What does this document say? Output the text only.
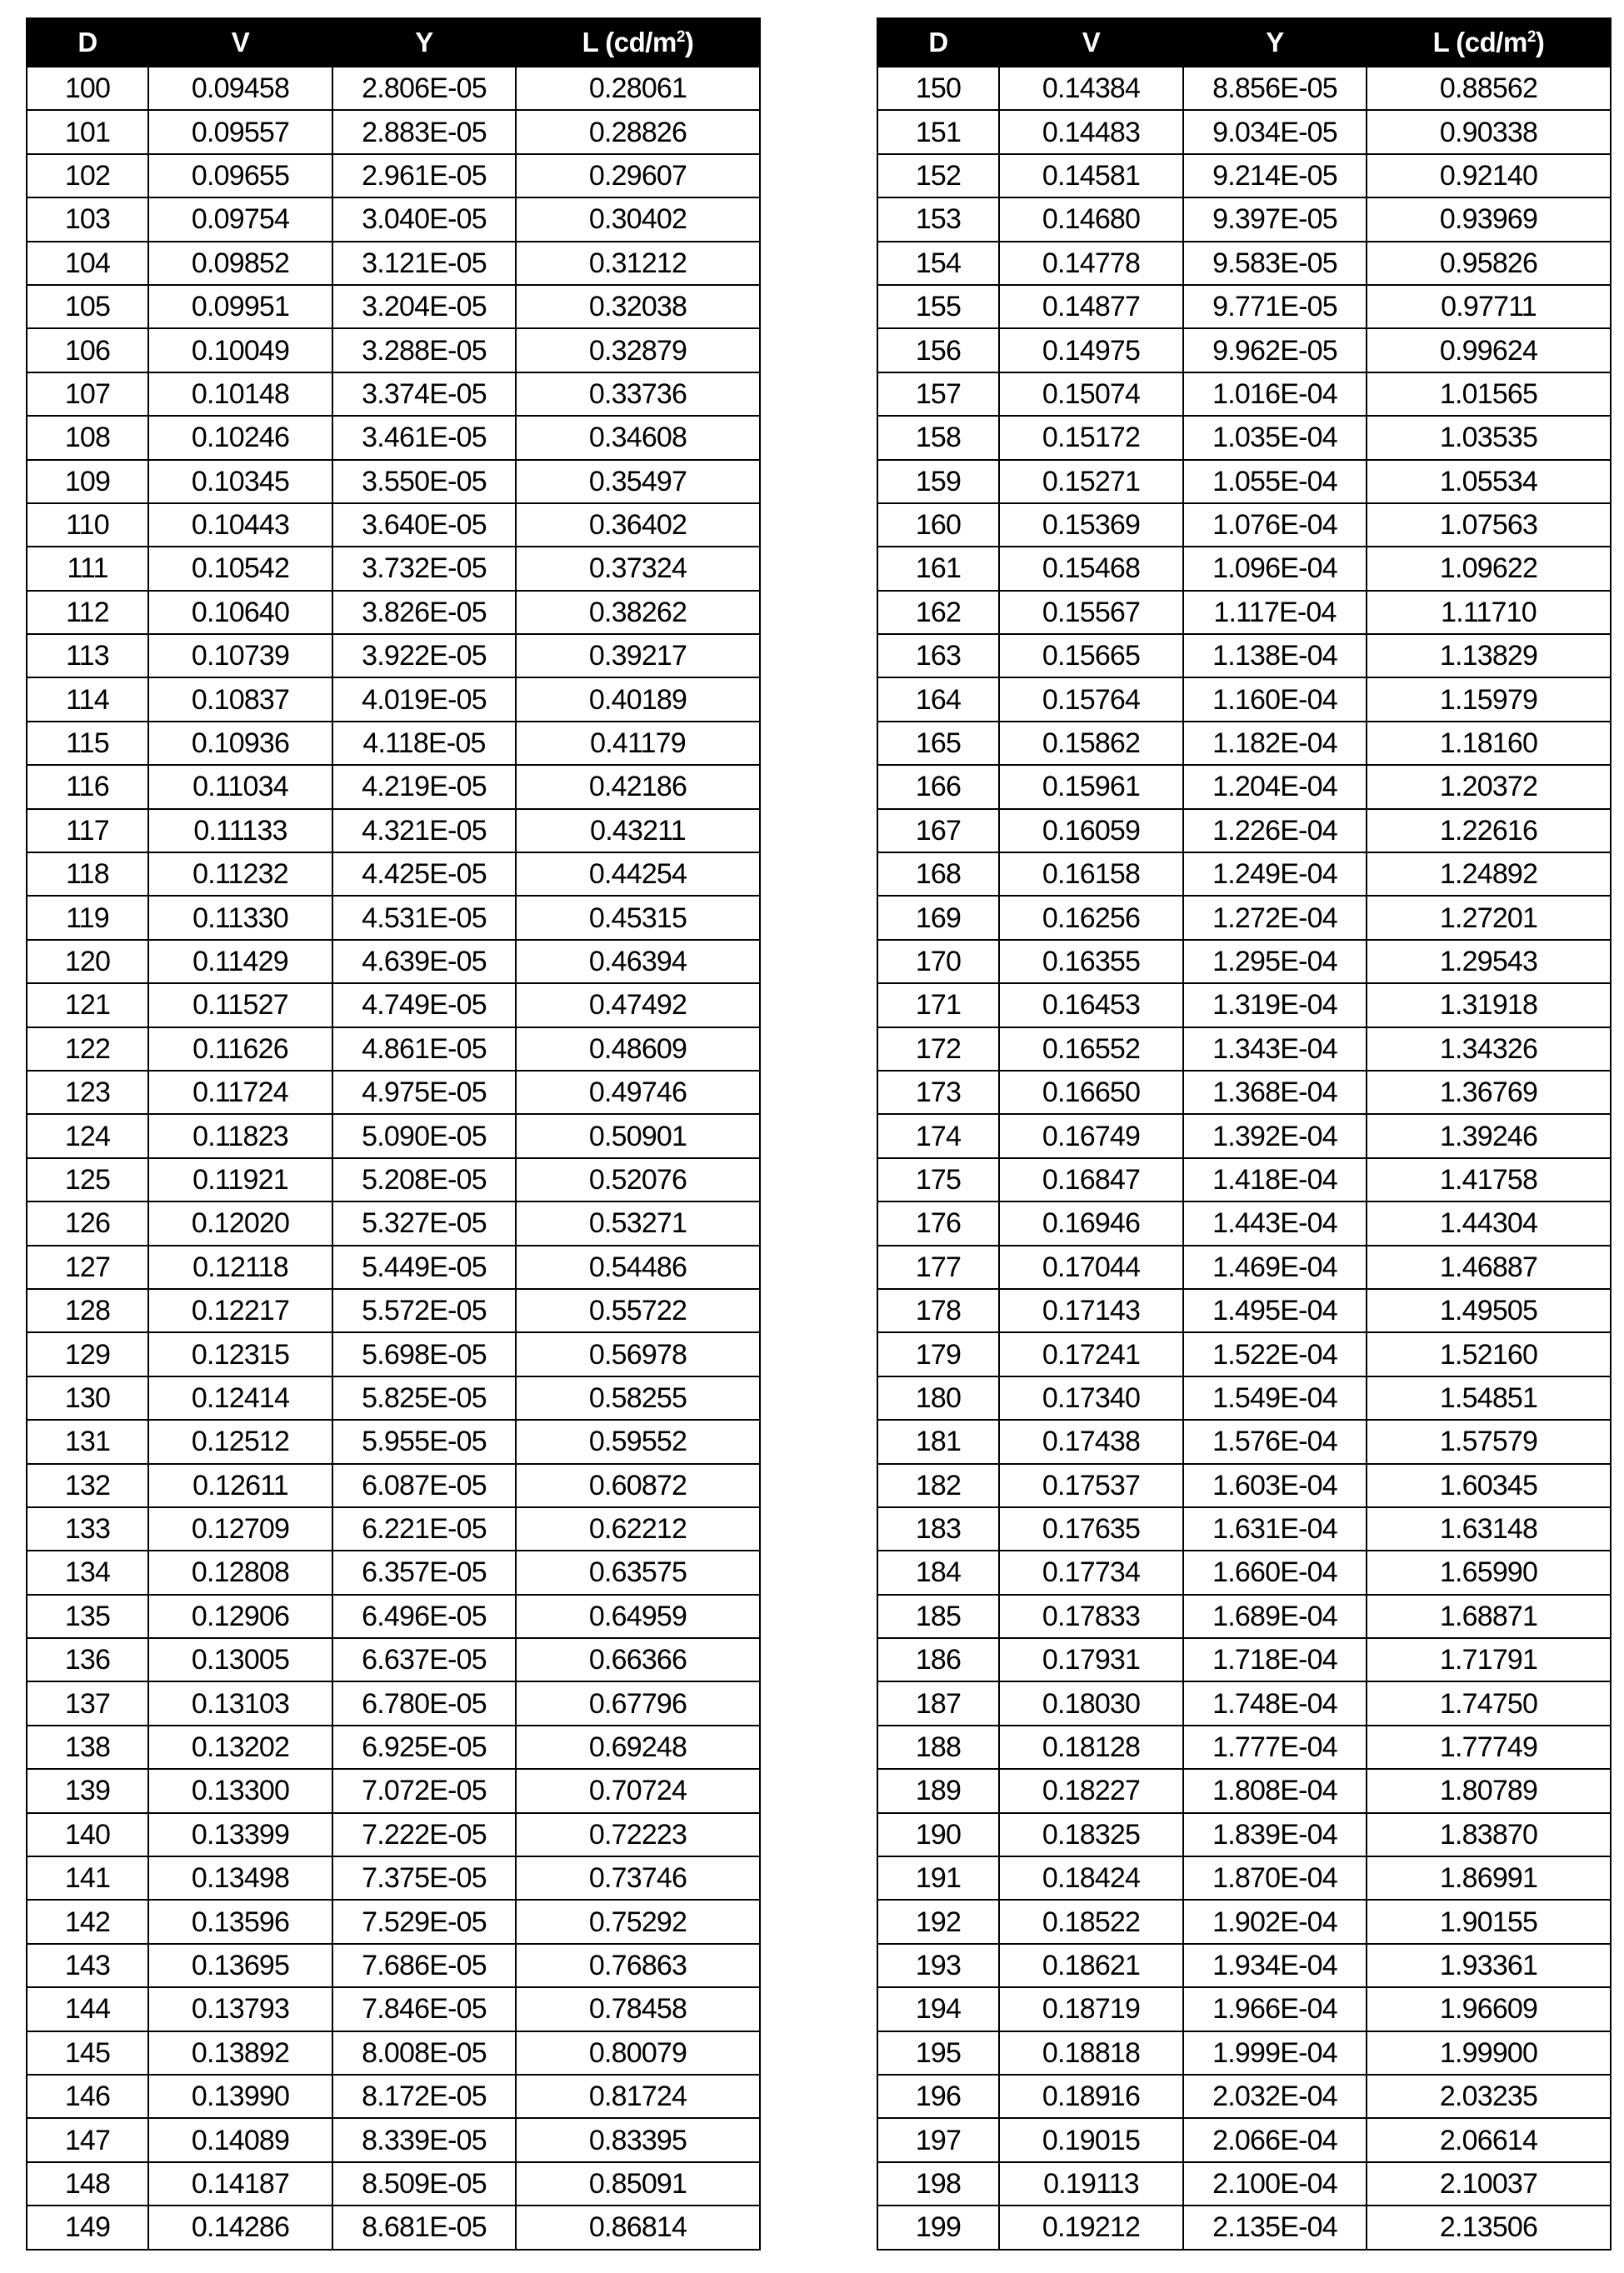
D	V	Y	L $(cd/m^2)$
100	0.09458	2.806E-05	0.28061
101	0.09557	2.883E-05	0.28826
102	0.09655	2.961E-05	0.29607
103	0.09754	3.040E-05	0.30402
104	0.09852	3.121E-05	0.31212
105	0.09951	3.204E-05	0.32038
106	0.10049	3.288E-05	0.32879
107	0.10148	3.374E-05	0.33736
108	0.10246	3.461E-05	0.34608
109	0.10345	3.550E-05	0.35497
110	0.10443	3.640E-05	0.36402
111	0.10542	3.732E-05	0.37324
112	0.10640	3.826E-05	0.38262
113	0.10739	3.922E-05	0.39217
114	0.10837	4.019E-05	0.40189
115	0.10936	4.118E-05	0.41179
116	0.11034	4.219E-05	0.42186
117	0.11133	4.321E-05	0.43211
118	0.11232	4.425E-05	0.44254
119	0.11330	4.531E-05	0.45315
120	0.11429	4.639E-05	0.46394
121	0.11527	4.749E-05	0.47492
122	0.11626	4.861E-05	0.48609
123	0.11724	4.975E-05	0.49746
124	0.11823	5.090E-05	0.50901
125	0.11921	5.208E-05	0.52076
126	0.12020	5.327E-05	0.53271
127	0.12118	5.449E-05	0.54486
128	0.12217	5.572E-05	0.55722
129	0.12315	5.698E-05	0.56978
130	0.12414	5.825E-05	0.58255
131	0.12512	5.955E-05	0.59552
132	0.12611	6.087E-05	0.60872
133	0.12709	6.221E-05	0.62212
134	0.12808	6.357E-05	0.63575
135	0.12906	6.496E-05	0.64959
136	0.13005	6.637E-05	0.66366
137	0.13103	6.780E-05	0.67796
138	0.13202	6.925E-05	0.69248
139	0.13300	7.072E-05	0.70724
140	0.13399	7.222E-05	0.72223
141	0.13498	7.375E-05	0.73746
142	0.13596	7.529E-05	0.75292
143	0.13695	7.686E-05	0.76863
144	0.13793	7.846E-05	0.78458
145	0.13892	8.008E-05	0.80079
146	0.13990	8.172E-05	0.81724
147	0.14089	8.339E-05	0.83395
148	0.14187	8.509E-05	0.85091
149	0.14286	8.681E-05	0.86814
D	V	Y	L $(cd/m^2)$
150	0.14384	8.856E-05	0.88562
151	0.14483	9.034E-05	0.90338
152	0.14581	9.214E-05	0.92140
153	0.14680	9.397E-05	0.93969
154	0.14778	9.583E-05	0.95826
155	0.14877	9.771E-05	0.97711
156	0.14975	9.962E-05	0.99624
157	0.15074	1.016E-04	1.01565
158	0.15172	1.035E-04	1.03535
159	0.15271	1.055E-04	1.05534
160	0.15369	1.076E-04	1.07563
161	0.15468	1.096E-04	1.09622
162	0.15567	1.117E-04	1.11710
163	0.15665	1.138E-04	1.13829
164	0.15764	1.160E-04	1.15979
165	0.15862	1.182E-04	1.18160
166	0.15961	1.204E-04	1.20372
167	0.16059	1.226E-04	1.22616
168	0.16158	1.249E-04	1.24892
169	0.16256	1.272E-04	1.27201
170	0.16355	1.295E-04	1.29543
171	0.16453	1.319E-04	1.31918
172	0.16552	1.343E-04	1.34326
173	0.16650	1.368E-04	1.36769
174	0.16749	1.392E-04	1.39246
175	0.16847	1.418E-04	1.41758
176	0.16946	1.443E-04	1.44304
177	0.17044	1.469E-04	1.46887
178	0.17143	1.495E-04	1.49505
179	0.17241	1.522E-04	1.52160
180	0.17340	1.549E-04	1.54851
181	0.17438	1.576E-04	1.57579
182	0.17537	1.603E-04	1.60345
183	0.17635	1.631E-04	1.63148
184	0.17734	1.660E-04	1.65990
185	0.17833	1.689E-04	1.68871
186	0.17931	1.718E-04	1.71791
187	0.18030	1.748E-04	1.74750
188	0.18128	1.777E-04	1.77749
189	0.18227	1.808E-04	1.80789
190	0.18325	1.839E-04	1.83870
191	0.18424	1.870E-04	1.86991
192	0.18522	1.902E-04	1.90155
193	0.18621	1.934E-04	1.93361
194	0.18719	1.966E-04	1.96609
195	0.18818	1.999E-04	1.99900
196	0.18916	2.032E-04	2.03235
197	0.19015	2.066E-04	2.06614
198	0.19113	2.100E-04	2.10037
199	0.19212	2.135E-04	2.13506
